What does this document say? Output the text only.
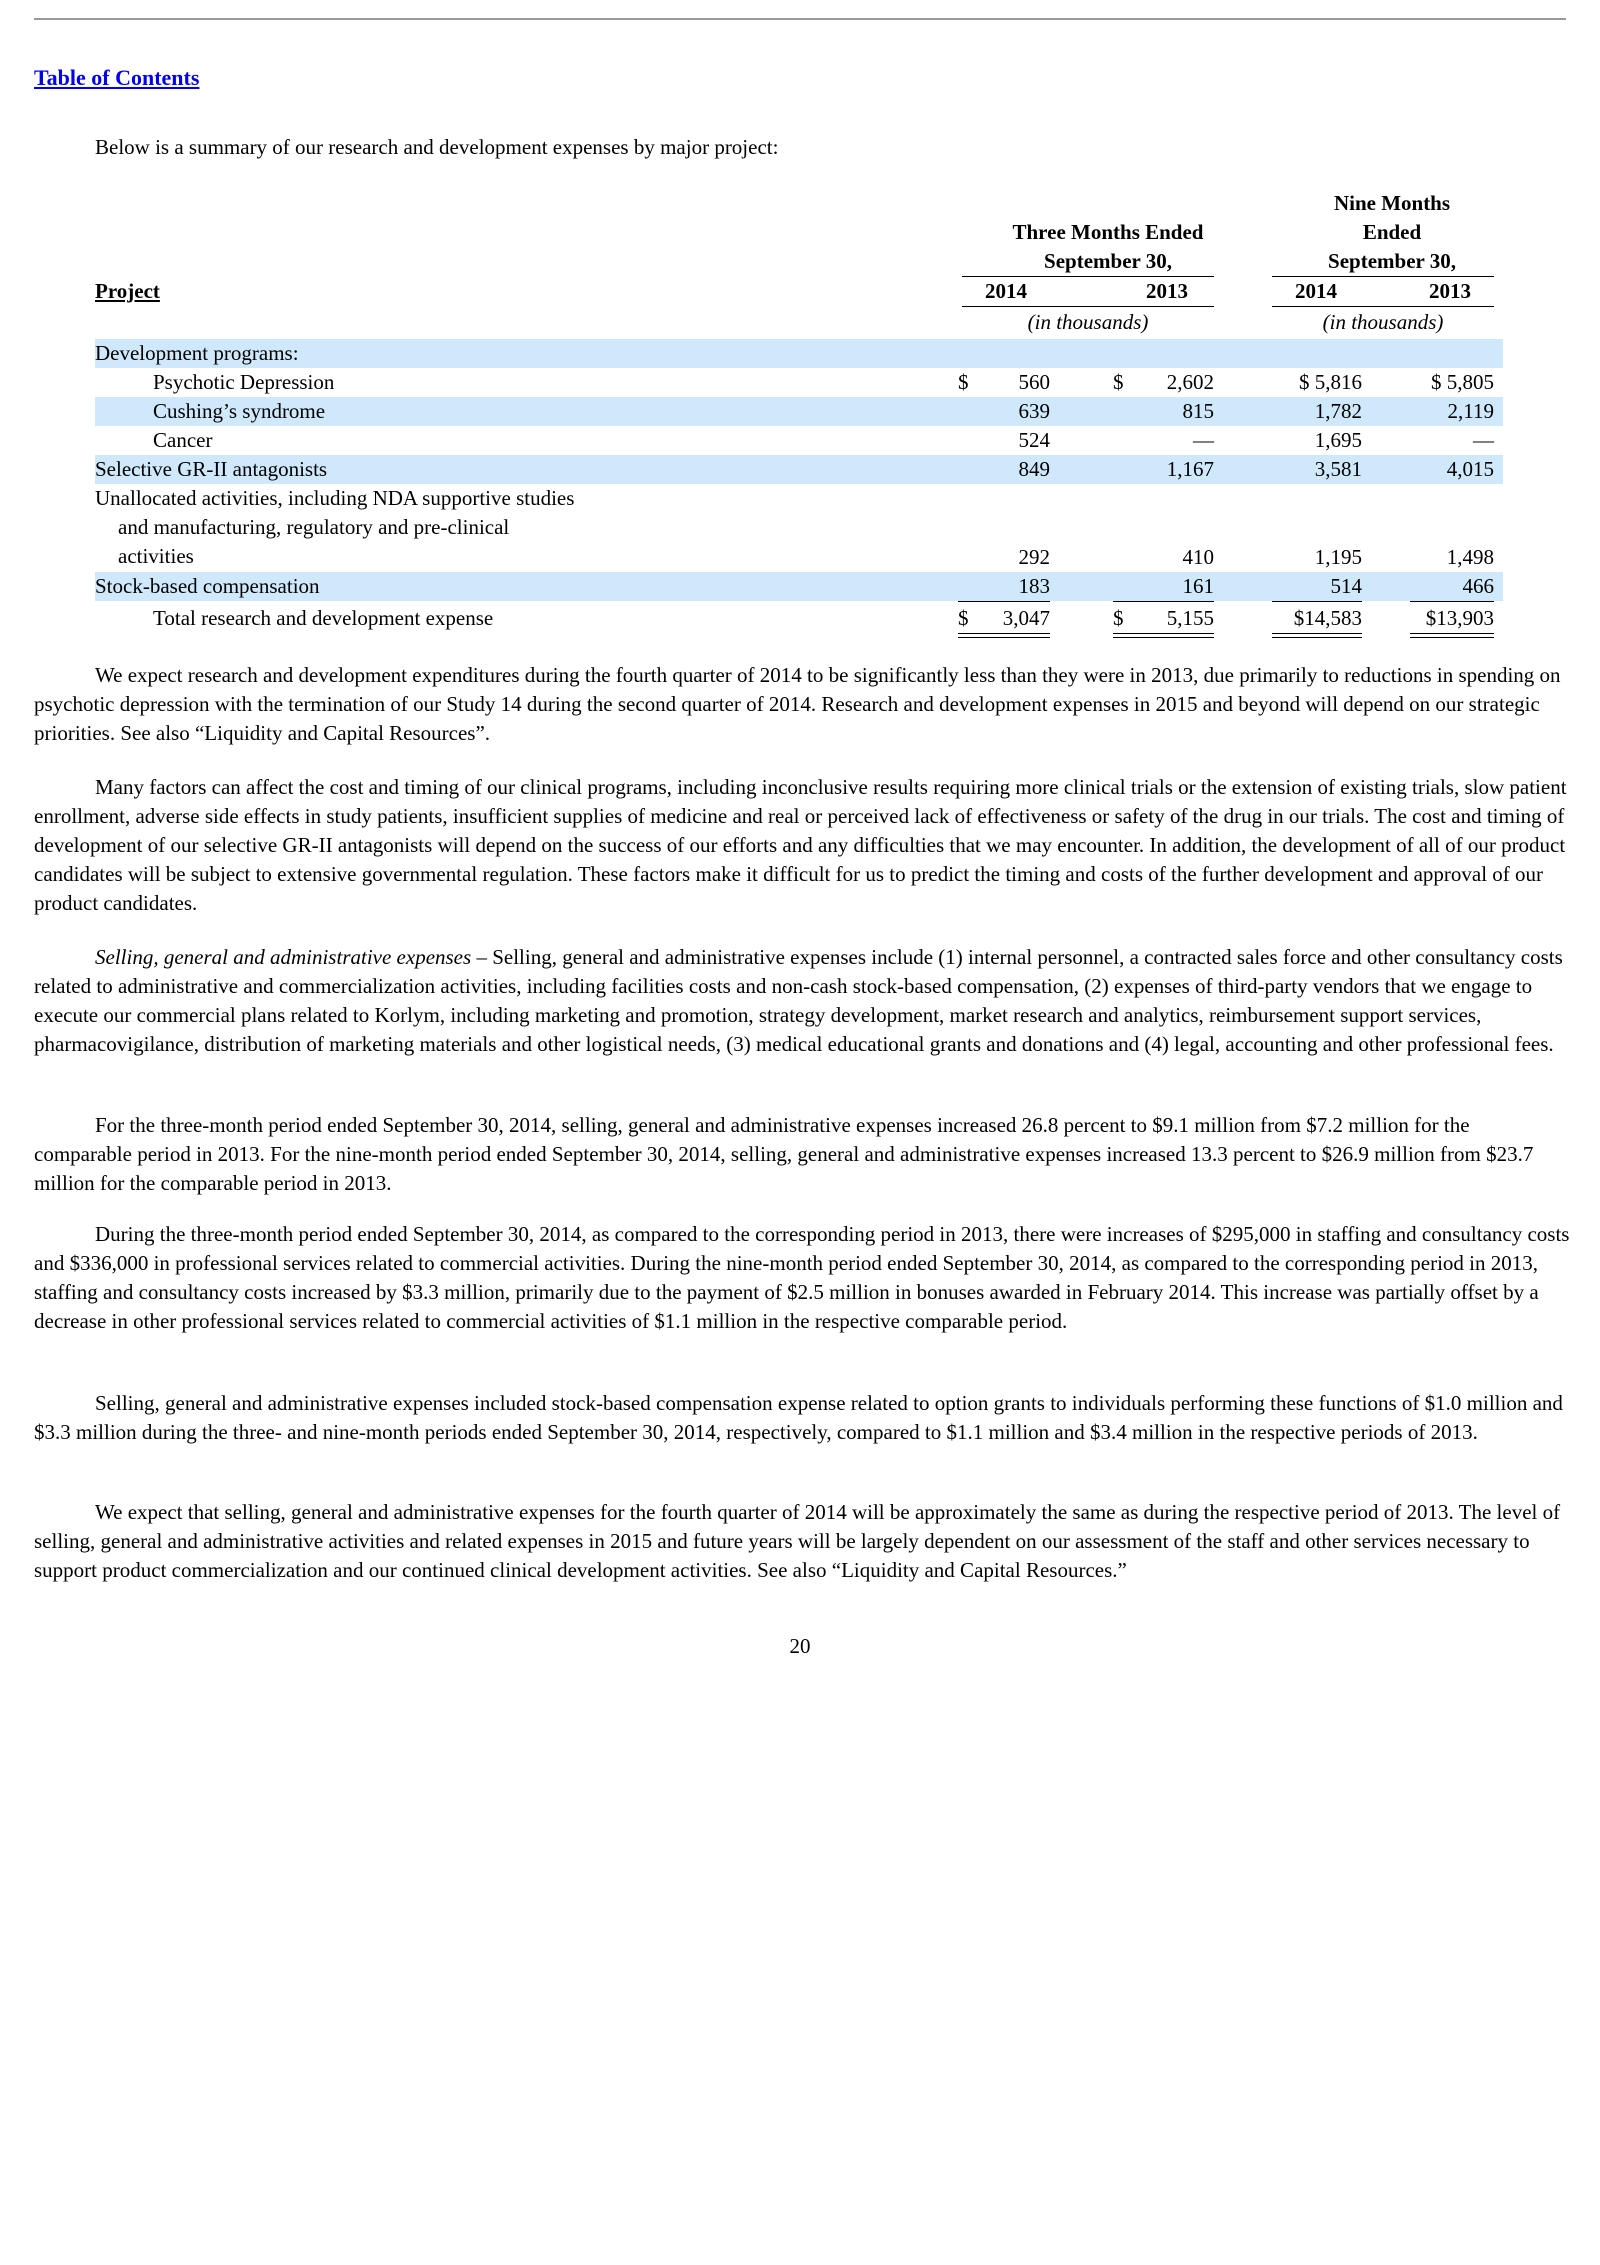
Table of Contents
Below is a summary of our research and development expenses by major project:
Nine Months
Ended
September 30,
Three Months Ended
September 30,
Project	2014	2013	2014	2013
(in thousands)	(in thousands)
Development programs:
Psychotic Depression	$	560	$	2,602	$ 5,816	$ 5,805
Cushing’s syndrome	639	815	1,782	2,119
Cancer	524	—	1,695	—
Selective GR-II antagonists	849	1,167	3,581	4,015
Unallocated activities, including NDA supportive studies
and manufacturing, regulatory and pre-clinical
activities	292	410	1,195	1,498
Stock-based compensation	183	161	514	466
Total research and development expense	$	3,047	$	5,155	$14,583	$13,903

We expect research and development expenditures during the fourth quarter of 2014 to be significantly less than they were in 2013, due primarily to reductions in spending on psychotic depression with the termination of our Study 14 during the second quarter of 2014. Research and development expenses in 2015 and beyond will depend on our strategic priorities. See also “Liquidity and Capital Resources”.

Many factors can affect the cost and timing of our clinical programs, including inconclusive results requiring more clinical trials or the extension of existing trials, slow patient enrollment, adverse side effects in study patients, insufficient supplies of medicine and real or perceived lack of effectiveness or safety of the drug in our trials. The cost and timing of development of our selective GR-II antagonists will depend on the success of our efforts and any difficulties that we may encounter. In addition, the development of all of our product candidates will be subject to extensive governmental regulation. These factors make it difficult for us to predict the timing and costs of the further development and approval of our product candidates.

Selling, general and administrative expenses – Selling, general and administrative expenses include (1) internal personnel, a contracted sales force and other consultancy costs related to administrative and commercialization activities, including facilities costs and non-cash stock-based compensation, (2) expenses of third-party vendors that we engage to execute our commercial plans related to Korlym, including marketing and promotion, strategy development, market research and analytics, reimbursement support services, pharmacovigilance, distribution of marketing materials and other logistical needs, (3) medical educational grants and donations and (4) legal, accounting and other professional fees.

For the three-month period ended September 30, 2014, selling, general and administrative expenses increased 26.8 percent to $9.1 million from $7.2 million for the comparable period in 2013. For the nine-month period ended September 30, 2014, selling, general and administrative expenses increased 13.3 percent to $26.9 million from $23.7 million for the comparable period in 2013.

During the three-month period ended September 30, 2014, as compared to the corresponding period in 2013, there were increases of $295,000 in staffing and consultancy costs and $336,000 in professional services related to commercial activities. During the nine-month period ended September 30, 2014, as compared to the corresponding period in 2013, staffing and consultancy costs increased by $3.3 million, primarily due to the payment of $2.5 million in bonuses awarded in February 2014. This increase was partially offset by a decrease in other professional services related to commercial activities of $1.1 million in the respective comparable period.

Selling, general and administrative expenses included stock-based compensation expense related to option grants to individuals performing these functions of $1.0 million and $3.3 million during the three- and nine-month periods ended September 30, 2014, respectively, compared to $1.1 million and $3.4 million in the respective periods of 2013.

We expect that selling, general and administrative expenses for the fourth quarter of 2014 will be approximately the same as during the respective period of 2013. The level of selling, general and administrative activities and related expenses in 2015 and future years will be largely dependent on our assessment of the staff and other services necessary to support product commercialization and our continued clinical development activities. See also “Liquidity and Capital Resources.”

20
